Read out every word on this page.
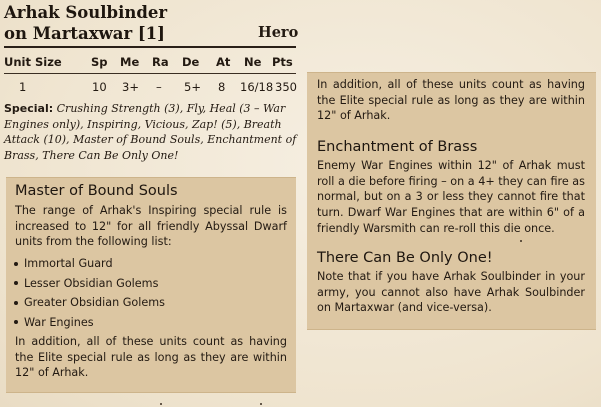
Arhak Soulbinder
on Martaxwar [1]	Hero
Unit Size	Sp Me Ra De At Ne Pts
1	10 3+ – 5+ 8 16/18 350
Special: Crushing Strength (3), Fly, Heal (3 – War Engines only), Inspiring, Vicious, Zap! (5), Breath Attack (10), Master of Bound Souls, Enchantment of Brass, There Can Be Only One!
Master of Bound Souls
The range of Arhak's Inspiring special rule is increased to 12" for all friendly Abyssal Dwarf units from the following list:
Immortal Guard
Lesser Obsidian Golems
Greater Obsidian Golems
War Engines
In addition, all of these units count as having the Elite special rule as long as they are within 12" of Arhak.
In addition, all of these units count as having the Elite special rule as long as they are within 12" of Arhak.
Enchantment of Brass
Enemy War Engines within 12" of Arhak must roll a die before firing – on a 4+ they can fire as normal, but on a 3 or less they cannot fire that turn. Dwarf War Engines that are within 6" of a friendly Warsmith can re-roll this die once.
There Can Be Only One!
Note that if you have Arhak Soulbinder in your army, you cannot also have Arhak Soulbinder on Martaxwar (and vice-versa).
